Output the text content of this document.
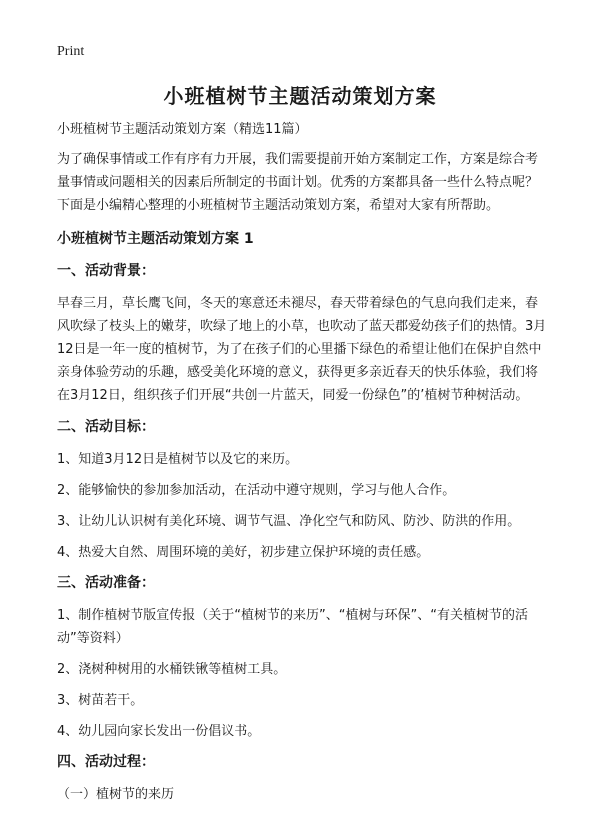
Print
小班植树节主题活动策划方案

小班植树节主题活动策划方案（精选11篇）

为了确保事情或工作有序有力开展，我们需要提前开始方案制定工作，方案是综合考量事情或问题相关的因素后所制定的书面计划。优秀的方案都具备一些什么特点呢？下面是小编精心整理的小班植树节主题活动策划方案，希望对大家有所帮助。

小班植树节主题活动策划方案 1

一、活动背景：

早春三月，草长鹰飞间，冬天的寒意还未褪尽，春天带着绿色的气息向我们走来，春风吹绿了枝头上的嫩芽，吹绿了地上的小草，也吹动了蓝天郡爱幼孩子们的热情。3月12日是一年一度的植树节，为了在孩子们的心里播下绿色的希望让他们在保护自然中亲身体验劳动的乐趣，感受美化环境的意义，获得更多亲近春天的快乐体验，我们将在3月12日，组织孩子们开展“共创一片蓝天，同爱一份绿色”的’植树节种树活动。

二、活动目标：

1、知道3月12日是植树节以及它的来历。

2、能够愉快的参加参加活动，在活动中遵守规则，学习与他人合作。

3、让幼儿认识树有美化环境、调节气温、净化空气和防风、防沙、防洪的作用。

4、热爱大自然、周围环境的美好，初步建立保护环境的责任感。

三、活动准备：

1、制作植树节版宣传报（关于“植树节的来历”、“植树与环保”、“有关植树节的活动”等资料）

2、浇树种树用的水桶铁锹等植树工具。

3、树苗若干。

4、幼儿园向家长发出一份倡议书。

四、活动过程：

（一）植树节的来历
